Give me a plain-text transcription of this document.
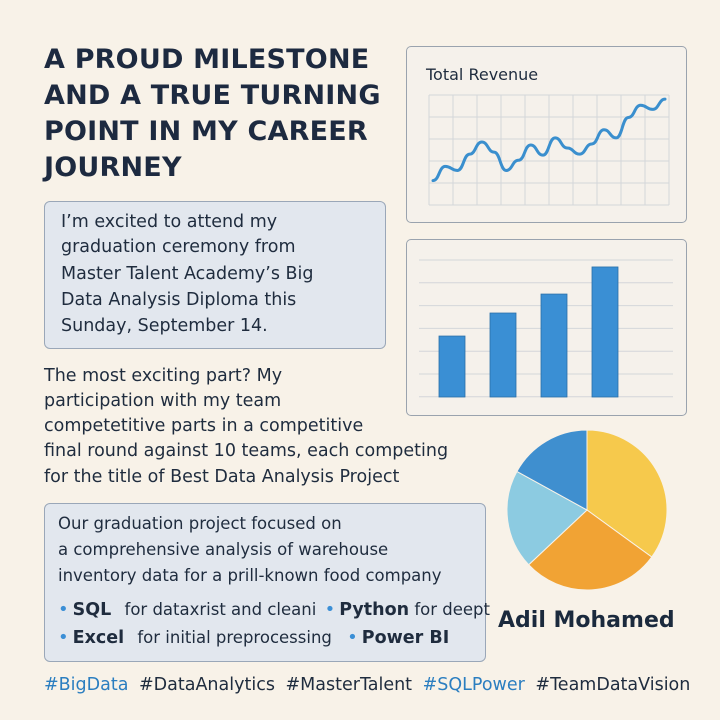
A PROUD MILESTONE
AND A TRUE TURNING
POINT IN MY CAREER
JOURNEY
I’m excited to attend my
graduation ceremony from
Master Talent Academy’s Big
Data Analysis Diploma this
Sunday, September 14.
The most exciting part? My
participation with my team
competetitive parts in a competitive
final round against 10 teams, each competing
for the title of Best Data Analysis Project
Our graduation project focused on
a comprehensive analysis of warehouse
inventory data for a prill-known food company
• SQL for dataxrist and cleani • Python for deept
• Excel for initial preprocessing • Power BI
Total Revenue
Adil Mohamed
#BigData #DataAnalytics #MasterTalent #SQLPower #TeamDataVision
